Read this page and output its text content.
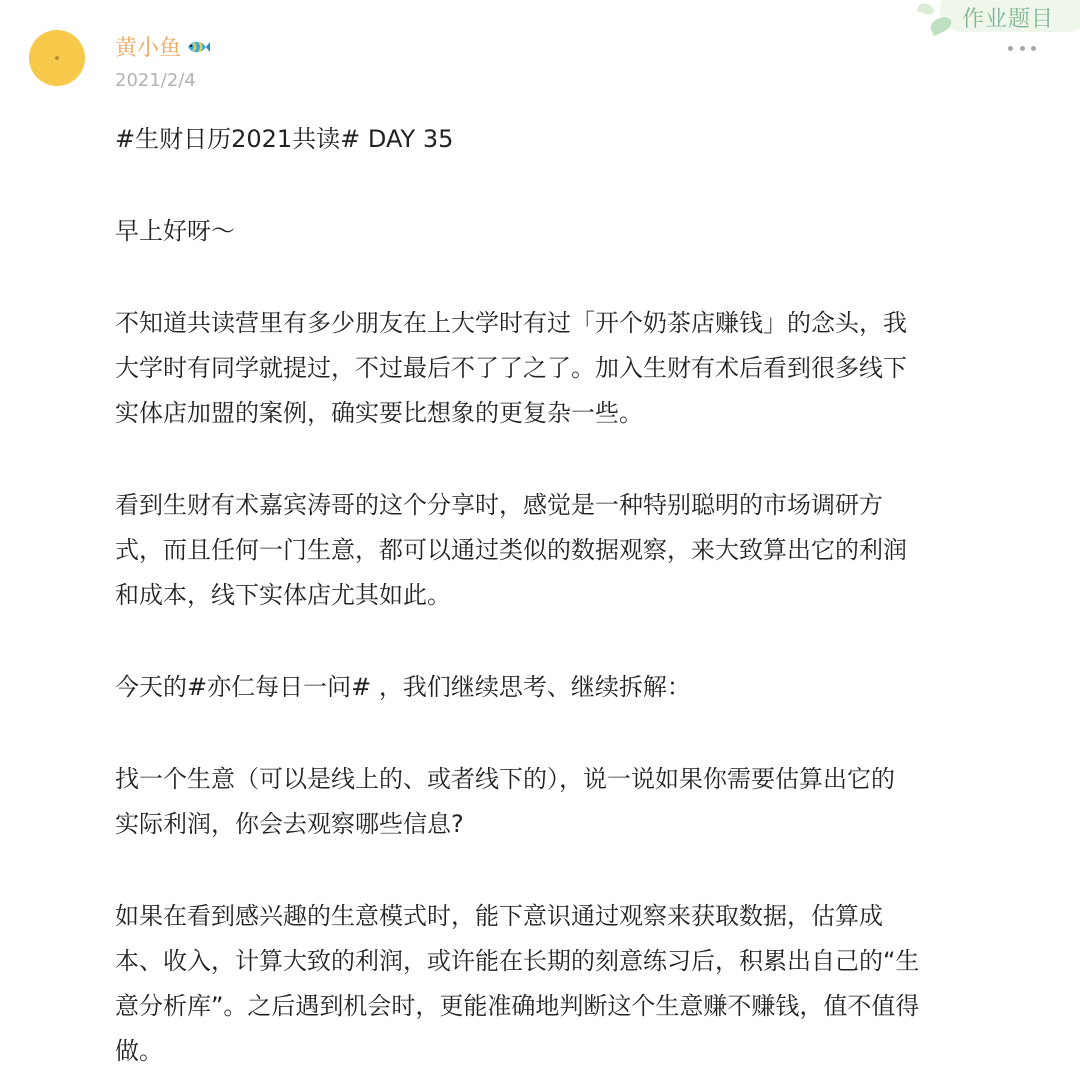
作业题目
黄小鱼
2021/2/4

#生财日历2021共读# DAY 35

早上好呀～

不知道共读营里有多少朋友在上大学时有过「开个奶茶店赚钱」的念头，我

大学时有同学就提过，不过最后不了了之了。加入生财有术后看到很多线下

实体店加盟的案例，确实要比想象的更复杂一些。

看到生财有术嘉宾涛哥的这个分享时，感觉是一种特别聪明的市场调研方

式，而且任何一门生意，都可以通过类似的数据观察，来大致算出它的利润

和成本，线下实体店尤其如此。

今天的#亦仁每日一问# ，我们继续思考、继续拆解：

找一个生意（可以是线上的、或者线下的），说一说如果你需要估算出它的

实际利润，你会去观察哪些信息?

如果在看到感兴趣的生意模式时，能下意识通过观察来获取数据，估算成

本、收入，计算大致的利润，或许能在长期的刻意练习后，积累出自己的“生

意分析库”。之后遇到机会时，更能准确地判断这个生意赚不赚钱，值不值得

做。
